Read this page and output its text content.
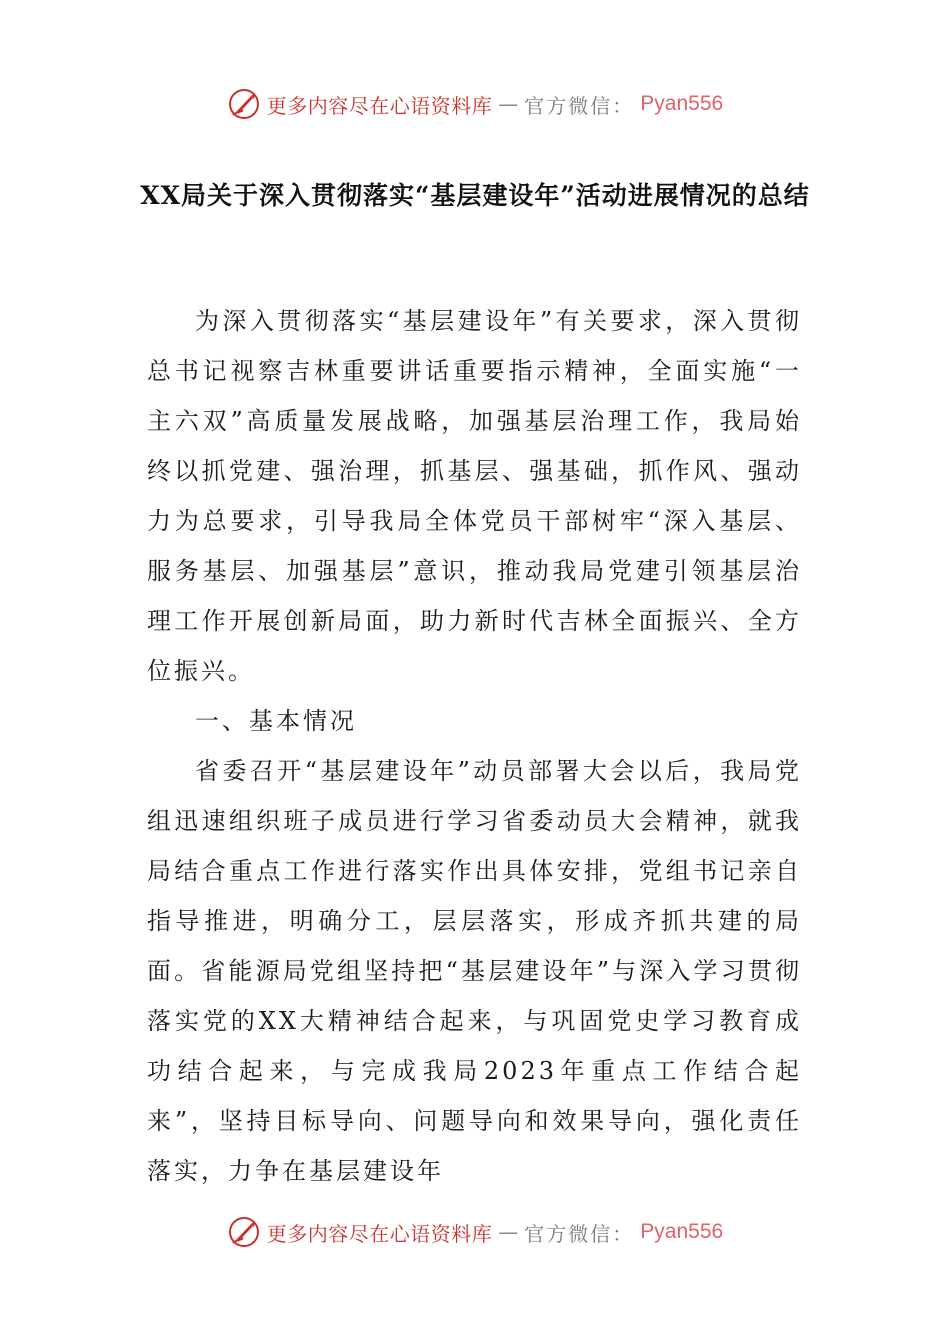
更多内容尽在心语资料库 — 官方微信： Pyan556
XX局关于深入贯彻落实“基层建设年”活动进展情况的总结

为深入贯彻落实“基层建设年”有关要求，深入贯彻总书记视察吉林重要讲话重要指示精神，全面实施“一主六双”高质量发展战略，加强基层治理工作，我局始终以抓党建、强治理，抓基层、强基础，抓作风、强动力为总要求，引导我局全体党员干部树牢“深入基层、服务基层、加强基层”意识，推动我局党建引领基层治理工作开展创新局面，助力新时代吉林全面振兴、全方位振兴。

一、基本情况

省委召开“基层建设年”动员部署大会以后，我局党组迅速组织班子成员进行学习省委动员大会精神，就我局结合重点工作进行落实作出具体安排，党组书记亲自指导推进，明确分工，层层落实，形成齐抓共建的局面。省能源局党组坚持把“基层建设年”与深入学习贯彻落实党的XX大精神结合起来，与巩固党史学习教育成功结合起来，与完成我局2023年重点工作结合起来”，坚持目标导向、问题导向和效果导向，强化责任落实，力争在基层建设年

更多内容尽在心语资料库 — 官方微信： Pyan556
